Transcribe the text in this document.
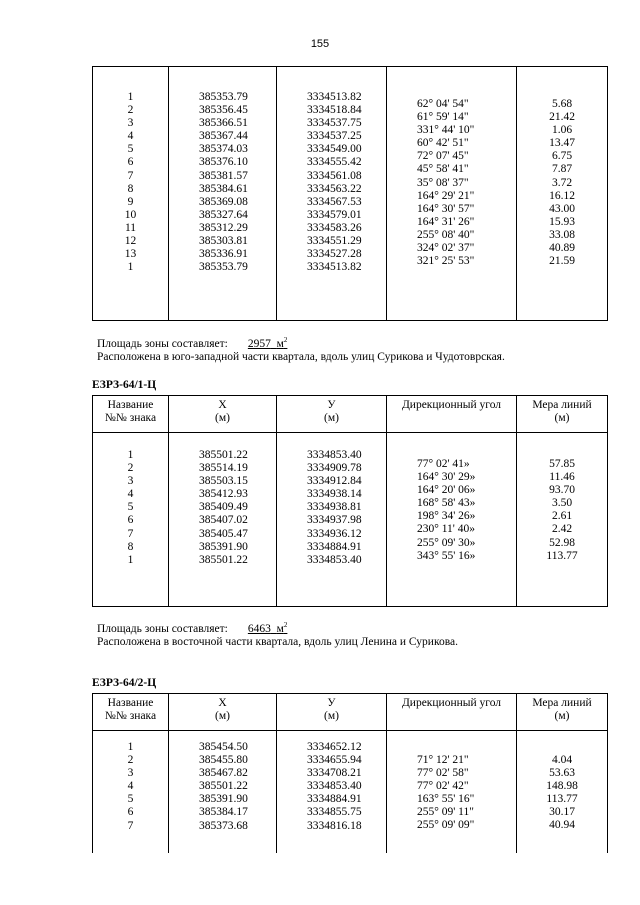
155
1
2
3
4
5
6
7
8
9
10
11
12
13
1
385353.79
385356.45
385366.51
385367.44
385374.03
385376.10
385381.57
385384.61
385369.08
385327.64
385312.29
385303.81
385336.91
385353.79
3334513.82
3334518.84
3334537.75
3334537.25
3334549.00
3334555.42
3334561.08
3334563.22
3334567.53
3334579.01
3334583.26
3334551.29
3334527.28
3334513.82
62° 04' 54"
61° 59' 14"
331° 44' 10"
60° 42' 51"
72° 07' 45"
45° 58' 41"
35° 08' 37"
164° 29' 21"
164° 30' 57"
164° 31' 26"
255° 08' 40"
324° 02' 37"
321° 25' 53"
5.68
21.42
1.06
13.47
6.75
7.87
3.72
16.12
43.00
15.93
33.08
40.89
21.59
Площадь зоны составляет: 2957 $м^2$
Расположена в юго-западной части квартала, вдоль улиц Сурикова и Чудотоврская.
ЕЗРЗ-64/1-Ц
Название
№№ знака
X
(м)
У
(м)
Дирекционный угол	Мера линий
(м)
1
2
3
4
5
6
7
8
1
385501.22
385514.19
385503.15
385412.93
385409.49
385407.02
385405.47
385391.90
385501.22
3334853.40
3334909.78
3334912.84
3334938.14
3334938.81
3334937.98
3334936.12
3334884.91
3334853.40
77° 02' 41»
164° 30' 29»
164° 20' 06»
168° 58' 43»
198° 34' 26»
230° 11' 40»
255° 09' 30»
343° 55' 16»
57.85
11.46
93.70
3.50
2.61
2.42
52.98
113.77
Площадь зоны составляет: 6463 $м^2$
Расположена в восточной части квартала, вдоль улиц Ленина и Сурикова.
ЕЗРЗ-64/2-Ц
Название
№№ знака
X
(м)
У
(м)
Дирекционный угол	Мера линий
(м)
1
2
3
4
5
6
7
385454.50
385455.80
385467.82
385501.22
385391.90
385384.17
385373.68
3334652.12
3334655.94
3334708.21
3334853.40
3334884.91
3334855.75
3334816.18
71° 12' 21"
77° 02' 58"
77° 02' 42"
163° 55' 16"
255° 09' 11"
255° 09' 09"
4.04
53.63
148.98
113.77
30.17
40.94
